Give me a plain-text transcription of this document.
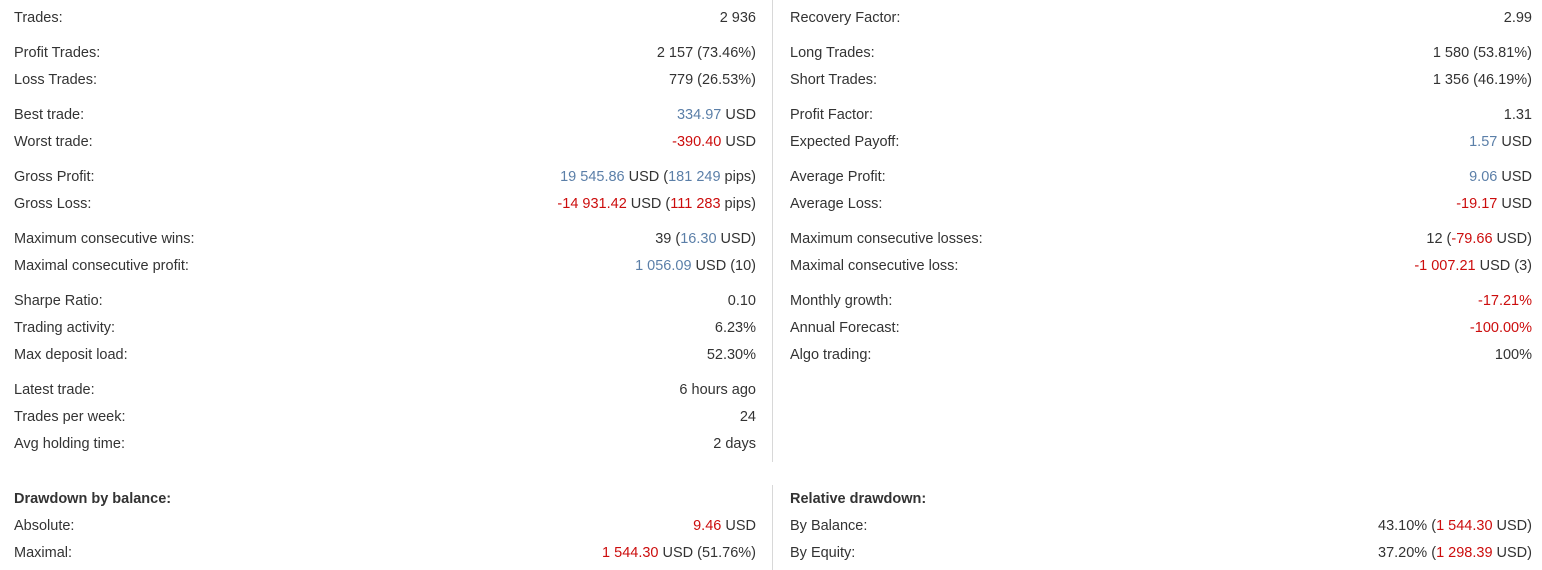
Trades:	2 936
Profit Trades:	2 157 (73.46%)
Loss Trades:	779 (26.53%)
Best trade:	334.97 USD
Worst trade:	-390.40 USD
Gross Profit:	19 545.86 USD (181 249 pips)
Gross Loss:	-14 931.42 USD (111 283 pips)
Maximum consecutive wins:	39 (16.30 USD)
Maximal consecutive profit:	1 056.09 USD (10)
Sharpe Ratio:	0.10
Trading activity:	6.23%
Max deposit load:	52.30%
Latest trade:	6 hours ago
Trades per week:	24
Avg holding time:	2 days
Drawdown by balance:
Absolute:	9.46 USD
Maximal:	1 544.30 USD (51.76%)
Recovery Factor:	2.99
Long Trades:	1 580 (53.81%)
Short Trades:	1 356 (46.19%)
Profit Factor:	1.31
Expected Payoff:	1.57 USD
Average Profit:	9.06 USD
Average Loss:	-19.17 USD
Maximum consecutive losses:	12 (-79.66 USD)
Maximal consecutive loss:	-1 007.21 USD (3)
Monthly growth:	-17.21%
Annual Forecast:	-100.00%
Algo trading:	100%
Relative drawdown:
By Balance:	43.10% (1 544.30 USD)
By Equity:	37.20% (1 298.39 USD)
